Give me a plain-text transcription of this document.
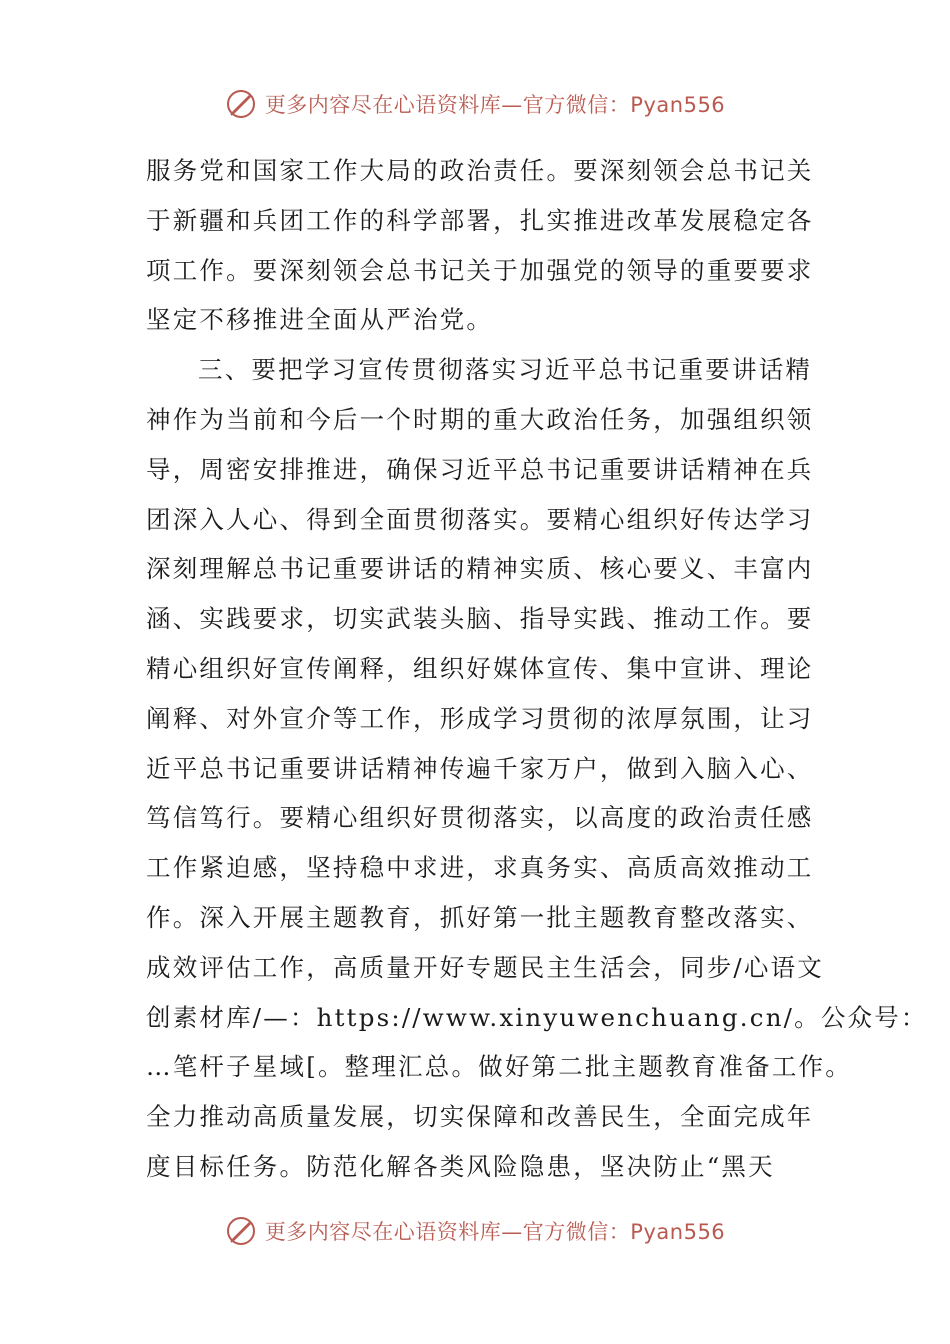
更多内容尽在心语资料库—官方微信：Pyan556
服务党和国家工作大局的政治责任。要深刻领会总书记关
于新疆和兵团工作的科学部署，扎实推进改革发展稳定各
项工作。要深刻领会总书记关于加强党的领导的重要要求
坚定不移推进全面从严治党。
三、要把学习宣传贯彻落实习近平总书记重要讲话精
神作为当前和今后一个时期的重大政治任务，加强组织领
导，周密安排推进，确保习近平总书记重要讲话精神在兵
团深入人心、得到全面贯彻落实。要精心组织好传达学习
深刻理解总书记重要讲话的精神实质、核心要义、丰富内
涵、实践要求，切实武装头脑、指导实践、推动工作。要
精心组织好宣传阐释，组织好媒体宣传、集中宣讲、理论
阐释、对外宣介等工作，形成学习贯彻的浓厚氛围，让习
近平总书记重要讲话精神传遍千家万户，做到入脑入心、
笃信笃行。要精心组织好贯彻落实，以高度的政治责任感
工作紧迫感，坚持稳中求进，求真务实、高质高效推动工
作。深入开展主题教育，抓好第一批主题教育整改落实、
成效评估工作，高质量开好专题民主生活会，同步/心语文
创素材库/—：https://www.xinyuwenchuang.cn/。公众号：
…笔杆子星域[。整理汇总。做好第二批主题教育准备工作。
全力推动高质量发展，切实保障和改善民生，全面完成年
度目标任务。防范化解各类风险隐患，坚决防止“黑天
更多内容尽在心语资料库—官方微信：Pyan556
